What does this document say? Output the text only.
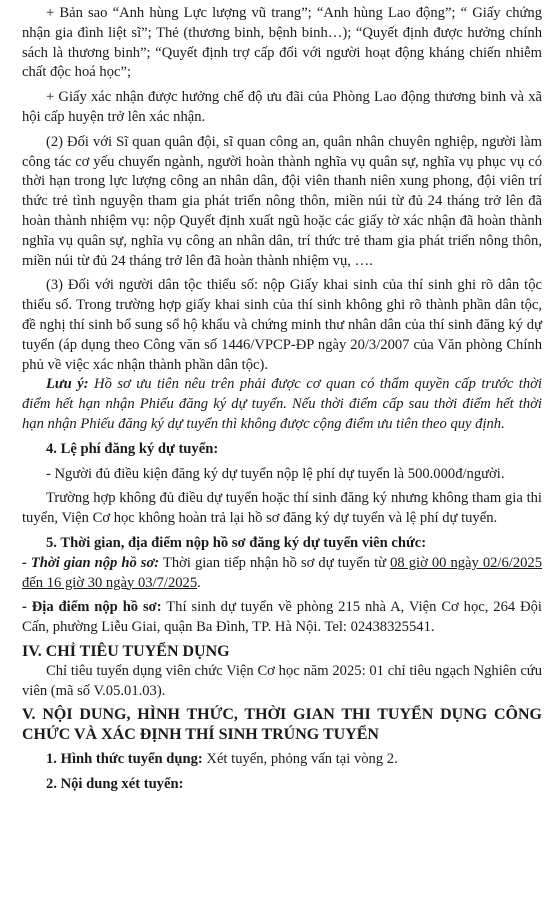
+ Bản sao “Anh hùng Lực lượng vũ trang”; “Anh hùng Lao động”; “ Giấy chứng nhận gia đình liệt sĩ”; Thẻ (thương binh, bệnh binh…); “Quyết định được hưởng chính sách là thương binh”; “Quyết định trợ cấp đối với người hoạt động kháng chiến nhiễm chất độc hoá học”;

+ Giấy xác nhận được hưởng chế độ ưu đãi của Phòng Lao động thương binh và xã hội cấp huyện trở lên xác nhận.

(2) Đối với Sĩ quan quân đội, sĩ quan công an, quân nhân chuyên nghiệp, người làm công tác cơ yếu chuyển ngành, người hoàn thành nghĩa vụ quân sự, nghĩa vụ phục vụ có thời hạn trong lực lượng công an nhân dân, đội viên thanh niên xung phong, đội viên trí thức trẻ tình nguyện tham gia phát triển nông thôn, miền núi từ đủ 24 tháng trở lên đã hoàn thành nhiệm vụ: nộp Quyết định xuất ngũ hoặc các giấy tờ xác nhận đã hoàn thành nghĩa vụ quân sự, nghĩa vụ công an nhân dân, trí thức trẻ tham gia phát triển nông thôn, miền núi từ đủ 24 tháng trở lên đã hoàn thành nhiệm vụ, ….

(3) Đối với người dân tộc thiểu số: nộp Giấy khai sinh của thí sinh ghi rõ dân tộc thiểu số. Trong trường hợp giấy khai sinh của thí sinh không ghi rõ thành phần dân tộc, đề nghị thí sinh bổ sung sổ hộ khẩu và chứng minh thư nhân dân của thí sinh đăng ký dự tuyển (áp dụng theo Công văn số 1446/VPCP-ĐP ngày 20/3/2007 của Văn phòng Chính phủ về việc xác nhận thành phần dân tộc).

Lưu ý: Hồ sơ ưu tiên nêu trên phải được cơ quan có thẩm quyền cấp trước thời điểm hết hạn nhận Phiếu đăng ký dự tuyển. Nếu thời điểm cấp sau thời điểm hết thời hạn nhận Phiếu đăng ký dự tuyển thì không được cộng điểm ưu tiên theo quy định.

4. Lệ phí đăng ký dự tuyển:

- Người đủ điều kiện đăng ký dự tuyển nộp lệ phí dự tuyển là 500.000đ/người.

Trường hợp không đủ điều dự tuyển hoặc thí sinh đăng ký nhưng không tham gia thi tuyển, Viện Cơ học không hoàn trả lại hồ sơ đăng ký dự tuyển và lệ phí dự tuyển.

5. Thời gian, địa điểm nộp hồ sơ đăng ký dự tuyển viên chức:

- Thời gian nộp hồ sơ: Thời gian tiếp nhận hồ sơ dự tuyển từ 08 giờ 00 ngày 02/6/2025 đến 16 giờ 30 ngày 03/7/2025.

- Địa điểm nộp hồ sơ: Thí sinh dự tuyển về phòng 215 nhà A, Viện Cơ học, 264 Đội Cấn, phường Liễu Giai, quận Ba Đình, TP. Hà Nội. Tel: 02438325541.

IV. CHỈ TIÊU TUYỂN DỤNG

Chỉ tiêu tuyển dụng viên chức Viện Cơ học năm 2025: 01 chỉ tiêu ngạch Nghiên cứu viên (mã số V.05.01.03).

V. NỘI DUNG, HÌNH THỨC, THỜI GIAN THI TUYỂN DỤNG CÔNG CHỨC VÀ XÁC ĐỊNH THÍ SINH TRÚNG TUYỂN

1. Hình thức tuyển dụng: Xét tuyển, phỏng vấn tại vòng 2.

2. Nội dung xét tuyển:
